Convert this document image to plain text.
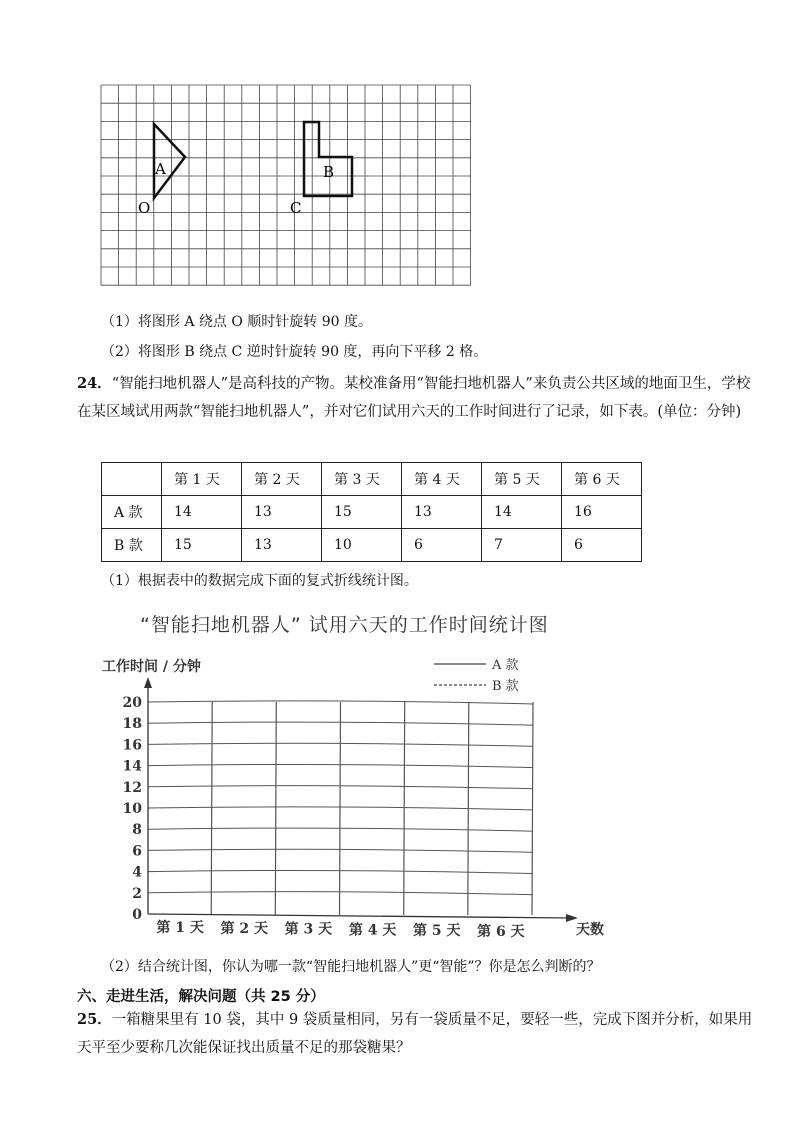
A
O
B
C
（1）将图形 A 绕点 O 顺时针旋转 90 度。
（2）将图形 B 绕点 C 逆时针旋转 90 度，再向下平移 2 格。
24．“智能扫地机器人”是高科技的产物。某校准备用“智能扫地机器人”来负责公共区域的地面卫生，学校在某区域试用两款“智能扫地机器人”，并对它们试用六天的工作时间进行了记录，如下表。(单位：分钟)
	第 1 天	第 2 天	第 3 天	第 4 天	第 5 天	第 6 天
A 款	14	13	15	13	14	16
B 款	15	13	10	6	7	6
（1）根据表中的数据完成下面的复式折线统计图。
“智能扫地机器人” 试用六天的工作时间统计图
工作时间 / 分钟	A 款
B 款
0
2
4
6
8
10
12
14
16
18
20
第 1 天 第 2 天 第 3 天 第 4 天 第 5 天 第 6 天	天数
（2）结合统计图，你认为哪一款“智能扫地机器人”更“智能”？你是怎么判断的？
六、走进生活，解决问题（共 25 分）
25．一箱糖果里有 10 袋，其中 9 袋质量相同，另有一袋质量不足，要轻一些，完成下图并分析，如果用天平至少要称几次能保证找出质量不足的那袋糖果？
